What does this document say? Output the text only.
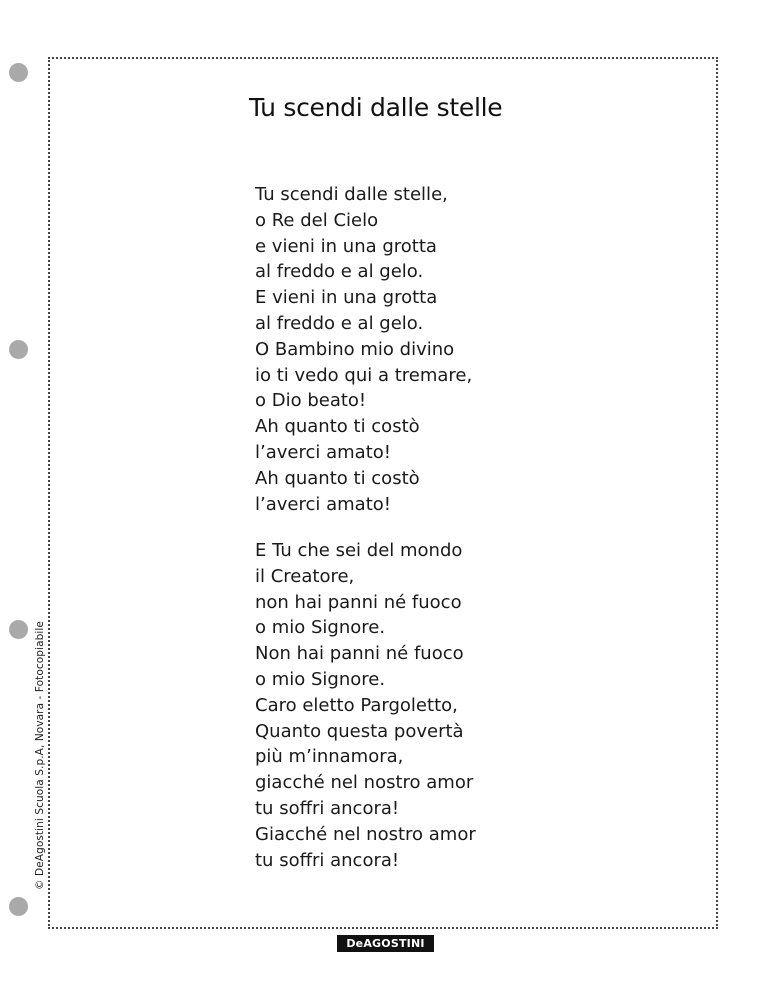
© DeAgostini Scuola S.p.A, Novara - Fotocopiabile
Tu scendi dalle stelle
Tu scendi dalle stelle,
o Re del Cielo
e vieni in una grotta
al freddo e al gelo.
E vieni in una grotta
al freddo e al gelo.
O Bambino mio divino
io ti vedo qui a tremare,
o Dio beato!
Ah quanto ti costò
l’averci amato!
Ah quanto ti costò
l’averci amato!
E Tu che sei del mondo
il Creatore,
non hai panni né fuoco
o mio Signore.
Non hai panni né fuoco
o mio Signore.
Caro eletto Pargoletto,
Quanto questa povertà
più m’innamora,
giacché nel nostro amor
tu soffri ancora!
Giacché nel nostro amor
tu soffri ancora!
DeAGOSTINI
